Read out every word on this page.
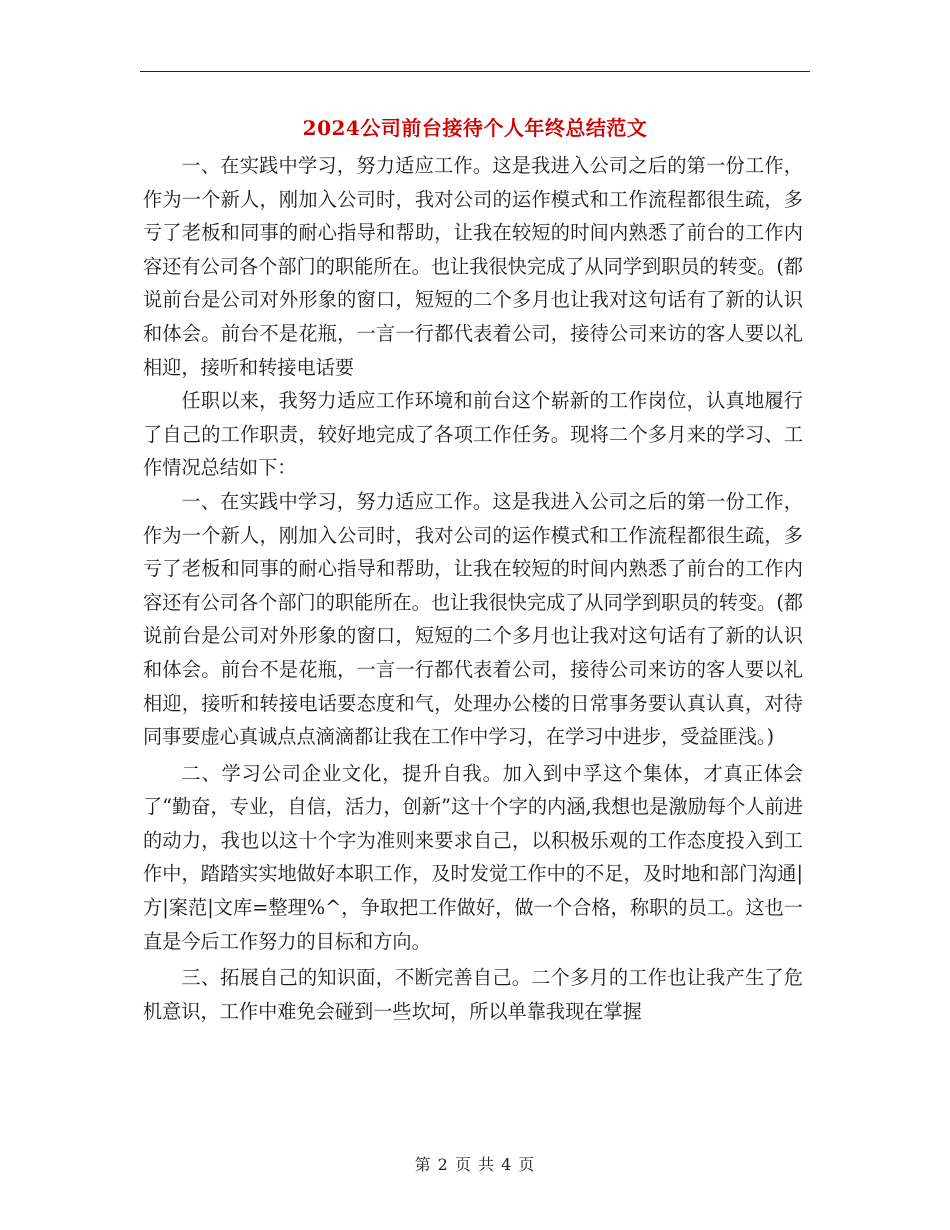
2024公司前台接待个人年终总结范文

一、在实践中学习，努力适应工作。这是我进入公司之后的第一份工作，作为一个新人，刚加入公司时，我对公司的运作模式和工作流程都很生疏，多亏了老板和同事的耐心指导和帮助，让我在较短的时间内熟悉了前台的工作内容还有公司各个部门的职能所在。也让我很快完成了从同学到职员的转变。(都说前台是公司对外形象的窗口，短短的二个多月也让我对这句话有了新的认识和体会。前台不是花瓶，一言一行都代表着公司，接待公司来访的客人要以礼相迎，接听和转接电话要

任职以来，我努力适应工作环境和前台这个崭新的工作岗位，认真地履行了自己的工作职责，较好地完成了各项工作任务。现将二个多月来的学习、工作情况总结如下：

一、在实践中学习，努力适应工作。这是我进入公司之后的第一份工作，作为一个新人，刚加入公司时，我对公司的运作模式和工作流程都很生疏，多亏了老板和同事的耐心指导和帮助，让我在较短的时间内熟悉了前台的工作内容还有公司各个部门的职能所在。也让我很快完成了从同学到职员的转变。(都说前台是公司对外形象的窗口，短短的二个多月也让我对这句话有了新的认识和体会。前台不是花瓶，一言一行都代表着公司，接待公司来访的客人要以礼相迎，接听和转接电话要态度和气，处理办公楼的日常事务要认真认真，对待同事要虚心真诚点点滴滴都让我在工作中学习，在学习中进步，受益匪浅。)

二、学习公司企业文化，提升自我。加入到中孚这个集体，才真正体会了“勤奋，专业，自信，活力，创新”这十个字的内涵,我想也是激励每个人前进的动力，我也以这十个字为准则来要求自己，以积极乐观的工作态度投入到工作中，踏踏实实地做好本职工作，及时发觉工作中的不足，及时地和部门沟通|方|案范|文库=整理%^，争取把工作做好，做一个合格，称职的员工。这也一直是今后工作努力的目标和方向。

三、拓展自己的知识面，不断完善自己。二个多月的工作也让我产生了危机意识，工作中难免会碰到一些坎坷，所以单靠我现在掌握

第 2 页 共 4 页
